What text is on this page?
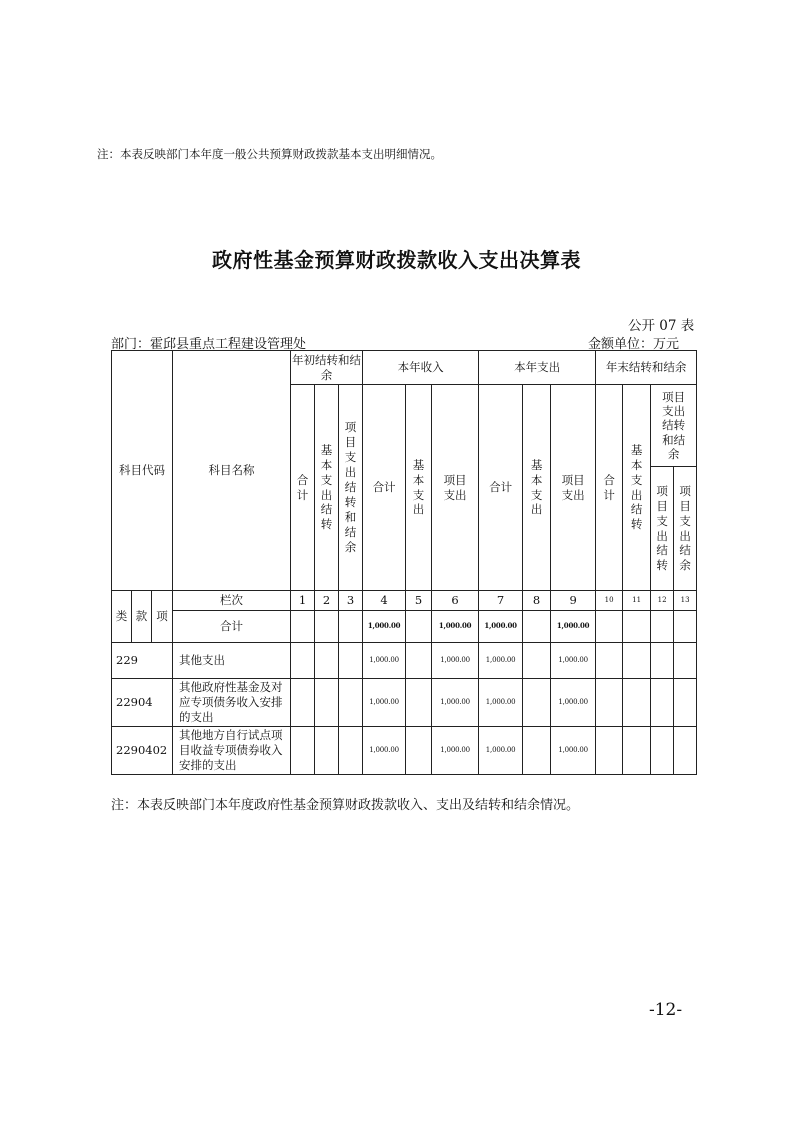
注：本表反映部门本年度一般公共预算财政拨款基本支出明细情况。
政府性基金预算财政拨款收入支出决算表
公开 07 表
部门：霍邱县重点工程建设管理处	金额单位：万元
科目代码			科目名称	年初结转和结余			本年收入			本年支出			年末结转和结余			
				合计	基本支出结转	项目支出结转和结余	合计	基本支出	项目支出	合计	基本支出	项目支出	合计	基本支出结转	项目支出结转和结余	
															项目支出结转	项目支出结余
类	款	项	栏次	1	2	3	4	5	6	7	8	9	10	11	12	13
			合计				1,000.00		1,000.00	1,000.00		1,000.00				
229			其他支出				1,000.00		1,000.00	1,000.00		1,000.00				
22904			其他政府性基金及对应专项债务收入安排的支出				1,000.00		1,000.00	1,000.00		1,000.00				
2290402			其他地方自行试点项目收益专项债券收入安排的支出				1,000.00		1,000.00	1,000.00		1,000.00				
注：本表反映部门本年度政府性基金预算财政拨款收入、支出及结转和结余情况。
-12-
